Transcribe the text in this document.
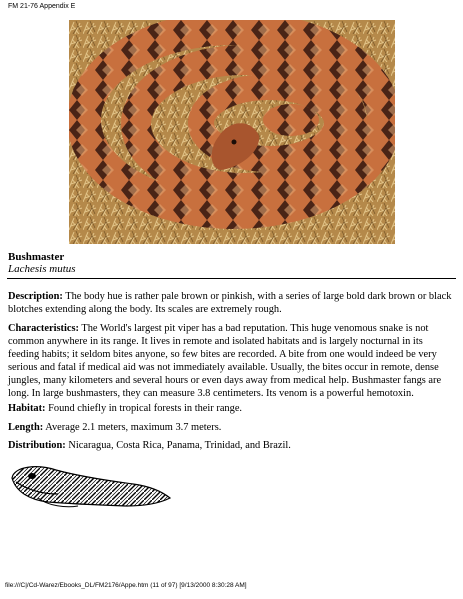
FM 21-76 Appendix E
Bushmaster
Lachesis mutus

Description: The body hue is rather pale brown or pinkish, with a series of large bold dark brown or black blotches extending along the body. Its scales are extremely rough.

Characteristics: The World's largest pit viper has a bad reputation. This huge venomous snake is not common anywhere in its range. It lives in remote and isolated habitats and is largely nocturnal in its feeding habits; it seldom bites anyone, so few bites are recorded. A bite from one would indeed be very serious and fatal if medical aid was not immediately available. Usually, the bites occur in remote, dense jungles, many kilometers and several hours or even days away from medical help. Bushmaster fangs are long. In large bushmasters, they can measure 3.8 centimeters. Its venom is a powerful hemotoxin.

Habitat: Found chiefly in tropical forests in their range.

Length: Average 2.1 meters, maximum 3.7 meters.

Distribution: Nicaragua, Costa Rica, Panama, Trinidad, and Brazil.

file:///C|/Cd-Warez/Ebooks_DL/FM2176/Appe.htm (11 of 97) [9/13/2000 8:30:28 AM]
